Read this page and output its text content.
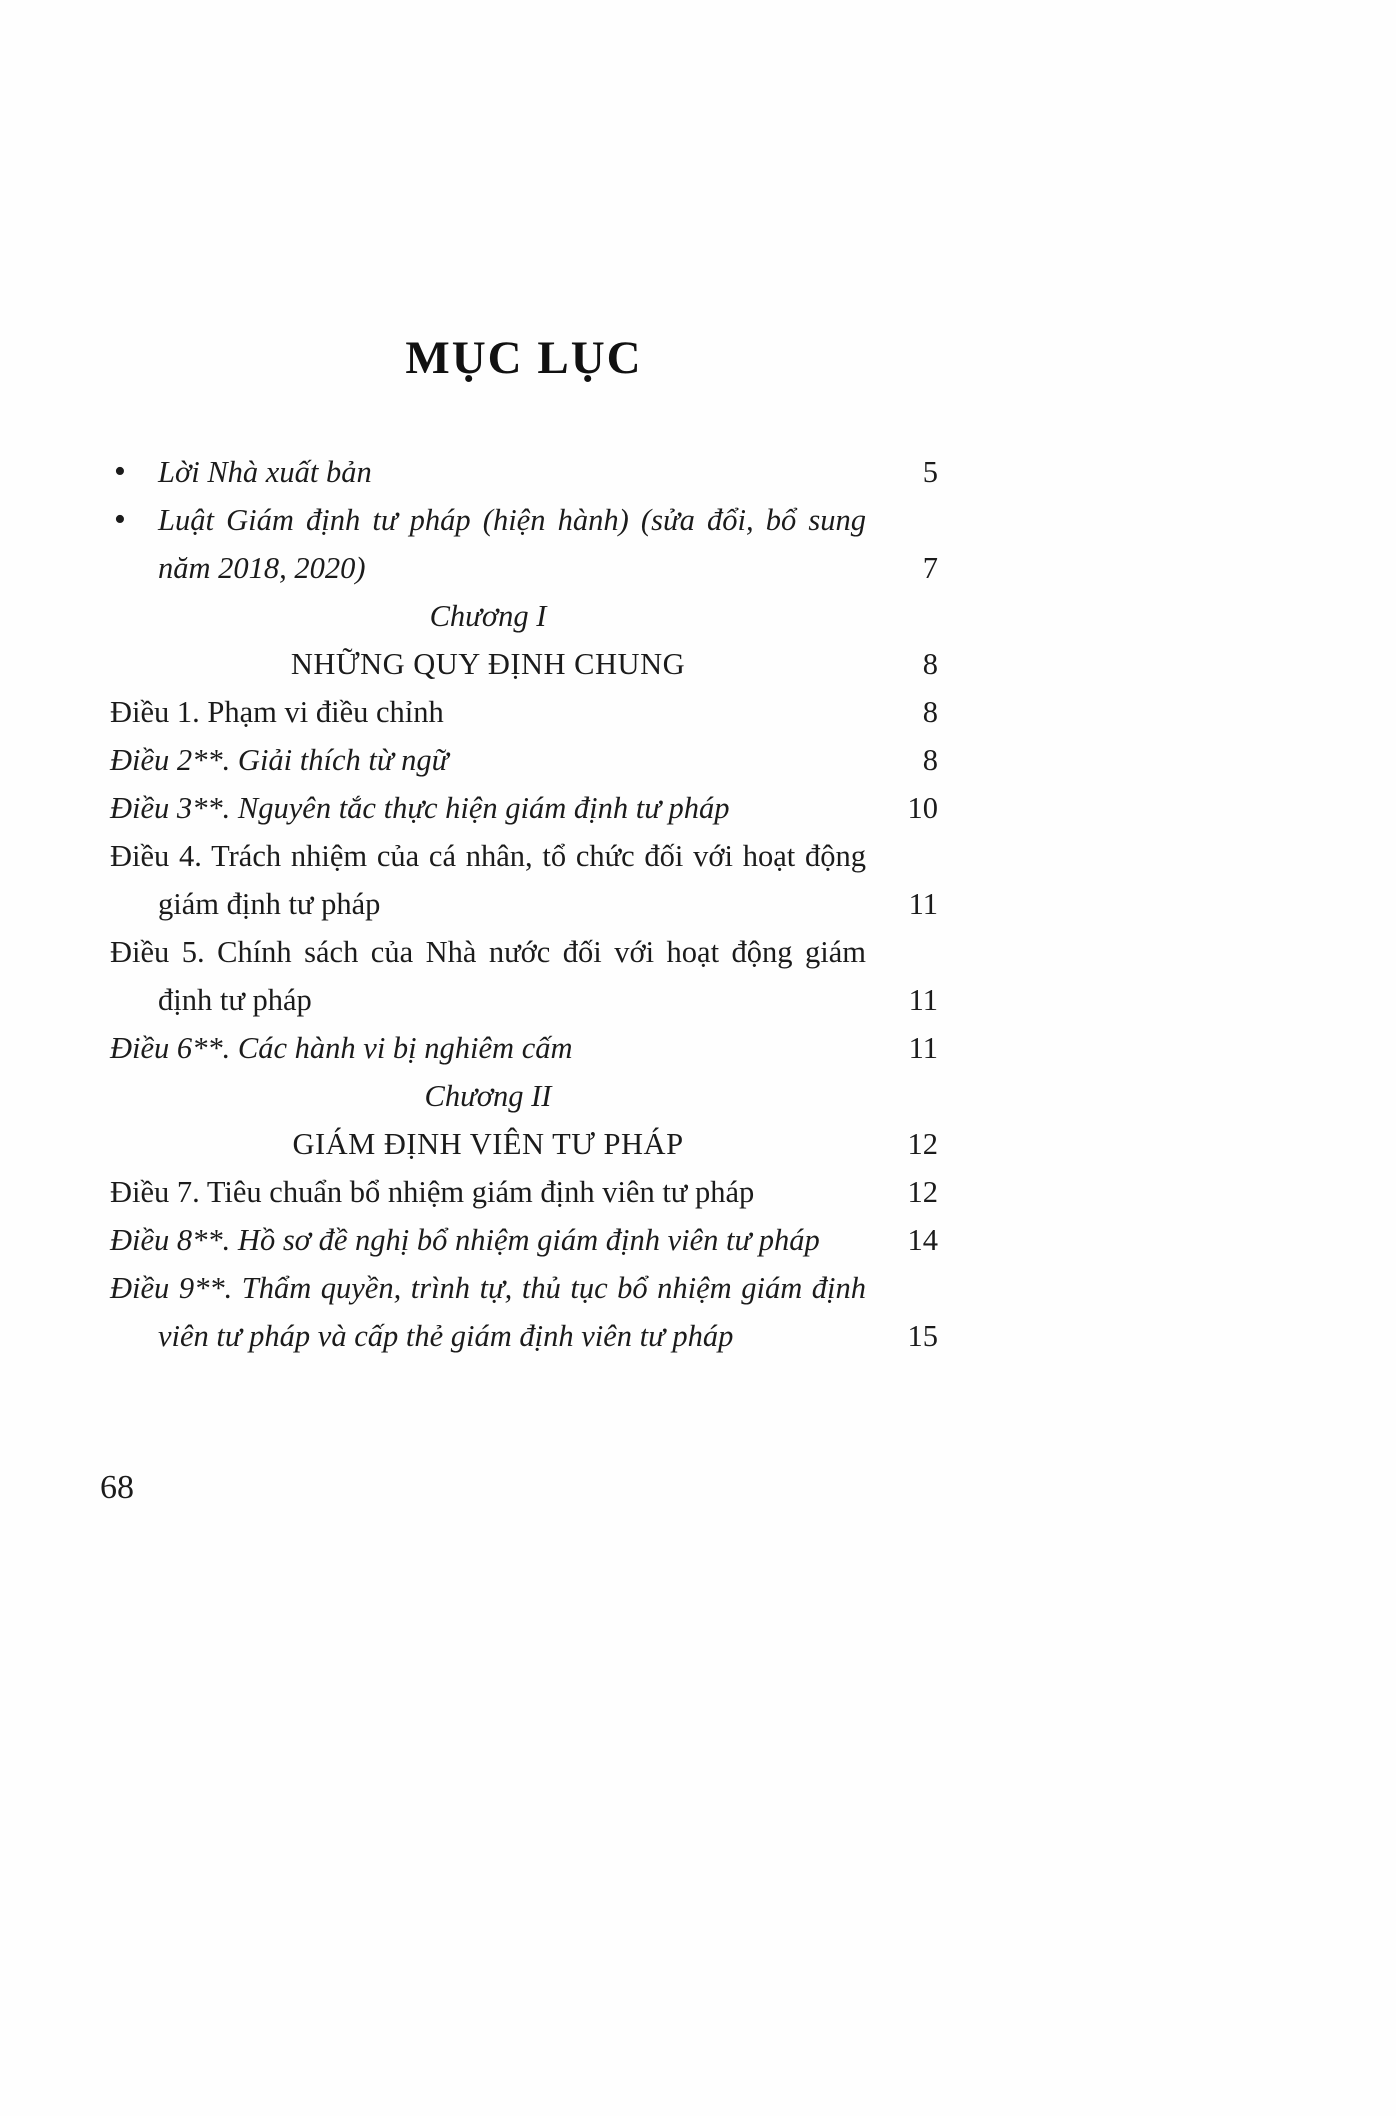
MỤC LỤC
• Lời Nhà xuất bản	5
• Luật Giám định tư pháp (hiện hành) (sửa đổi, bổ sung năm 2018, 2020)	7
Chương I
NHỮNG QUY ĐỊNH CHUNG	8
Điều 1. Phạm vi điều chỉnh	8
Điều 2**. Giải thích từ ngữ	8
Điều 3**. Nguyên tắc thực hiện giám định tư pháp	10
Điều 4. Trách nhiệm của cá nhân, tổ chức đối với hoạt động giám định tư pháp	11
Điều 5. Chính sách của Nhà nước đối với hoạt động giám định tư pháp	11
Điều 6**. Các hành vi bị nghiêm cấm	11
Chương II
GIÁM ĐỊNH VIÊN TƯ PHÁP	12
Điều 7. Tiêu chuẩn bổ nhiệm giám định viên tư pháp	12
Điều 8**. Hồ sơ đề nghị bổ nhiệm giám định viên tư pháp	14
Điều 9**. Thẩm quyền, trình tự, thủ tục bổ nhiệm giám định viên tư pháp và cấp thẻ giám định viên tư pháp	15
68
